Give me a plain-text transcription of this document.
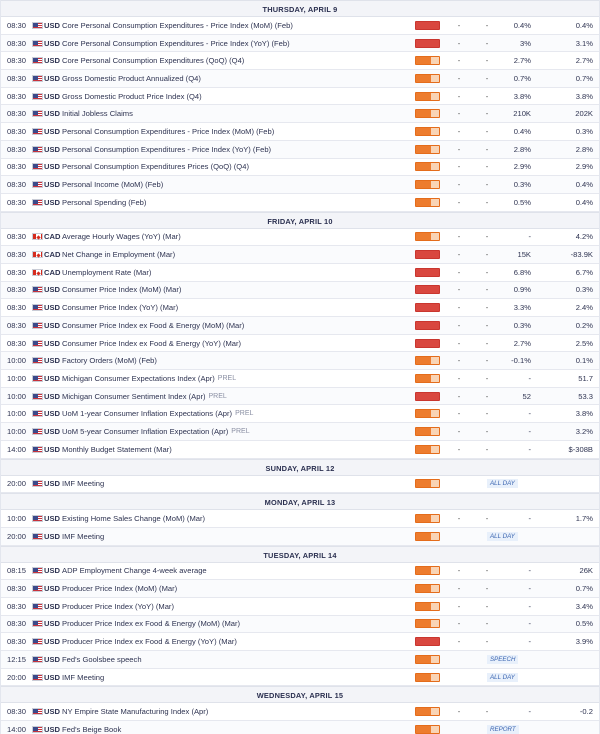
THURSDAY, APRIL 9
08:30	USD Core Personal Consumption Expenditures - Price Index (MoM) (Feb)	-	-	0.4%	0.4%
08:30	USD Core Personal Consumption Expenditures - Price Index (YoY) (Feb)	-	-	3%	3.1%
08:30	USD Core Personal Consumption Expenditures (QoQ) (Q4)	-	-	2.7%	2.7%
08:30	USD Gross Domestic Product Annualized (Q4)	-	-	0.7%	0.7%
08:30	USD Gross Domestic Product Price Index (Q4)	-	-	3.8%	3.8%
08:30	USD Initial Jobless Claims	-	-	210K	202K
08:30	USD Personal Consumption Expenditures - Price Index (MoM) (Feb)	-	-	0.4%	0.3%
08:30	USD Personal Consumption Expenditures - Price Index (YoY) (Feb)	-	-	2.8%	2.8%
08:30	USD Personal Consumption Expenditures Prices (QoQ) (Q4)	-	-	2.9%	2.9%
08:30	USD Personal Income (MoM) (Feb)	-	-	0.3%	0.4%
08:30	USD Personal Spending (Feb)	-	-	0.5%	0.4%
FRIDAY, APRIL 10
08:30	CAD Average Hourly Wages (YoY) (Mar)	-	-	-	4.2%
08:30	CAD Net Change in Employment (Mar)	-	-	15K	-83.9K
08:30	CAD Unemployment Rate (Mar)	-	-	6.8%	6.7%
08:30	USD Consumer Price Index (MoM) (Mar)	-	-	0.9%	0.3%
08:30	USD Consumer Price Index (YoY) (Mar)	-	-	3.3%	2.4%
08:30	USD Consumer Price Index ex Food & Energy (MoM) (Mar)	-	-	0.3%	0.2%
08:30	USD Consumer Price Index ex Food & Energy (YoY) (Mar)	-	-	2.7%	2.5%
10:00	USD Factory Orders (MoM) (Feb)	-	-	-0.1%	0.1%
10:00	USD Michigan Consumer Expectations Index (Apr) PREL	-	-	-	51.7
10:00	USD Michigan Consumer Sentiment Index (Apr) PREL	-	-	52	53.3
10:00	USD UoM 1-year Consumer Inflation Expectations (Apr) PREL	-	-	-	3.8%
10:00	USD UoM 5-year Consumer Inflation Expectation (Apr) PREL	-	-	-	3.2%
14:00	USD Monthly Budget Statement (Mar)	-	-	-	$-308B
SUNDAY, APRIL 12
20:00	USD IMF Meeting	ALL DAY
MONDAY, APRIL 13
10:00	USD Existing Home Sales Change (MoM) (Mar)	-	-	-	1.7%
20:00	USD IMF Meeting	ALL DAY
TUESDAY, APRIL 14
08:15	USD ADP Employment Change 4-week average	-	-	-	26K
08:30	USD Producer Price Index (MoM) (Mar)	-	-	-	0.7%
08:30	USD Producer Price Index (YoY) (Mar)	-	-	-	3.4%
08:30	USD Producer Price Index ex Food & Energy (MoM) (Mar)	-	-	-	0.5%
08:30	USD Producer Price Index ex Food & Energy (YoY) (Mar)	-	-	-	3.9%
12:15	USD Fed's Goolsbee speech	SPEECH
20:00	USD IMF Meeting	ALL DAY
WEDNESDAY, APRIL 15
08:30	USD NY Empire State Manufacturing Index (Apr)	-	-	-	-0.2
14:00	USD Fed's Beige Book	REPORT
